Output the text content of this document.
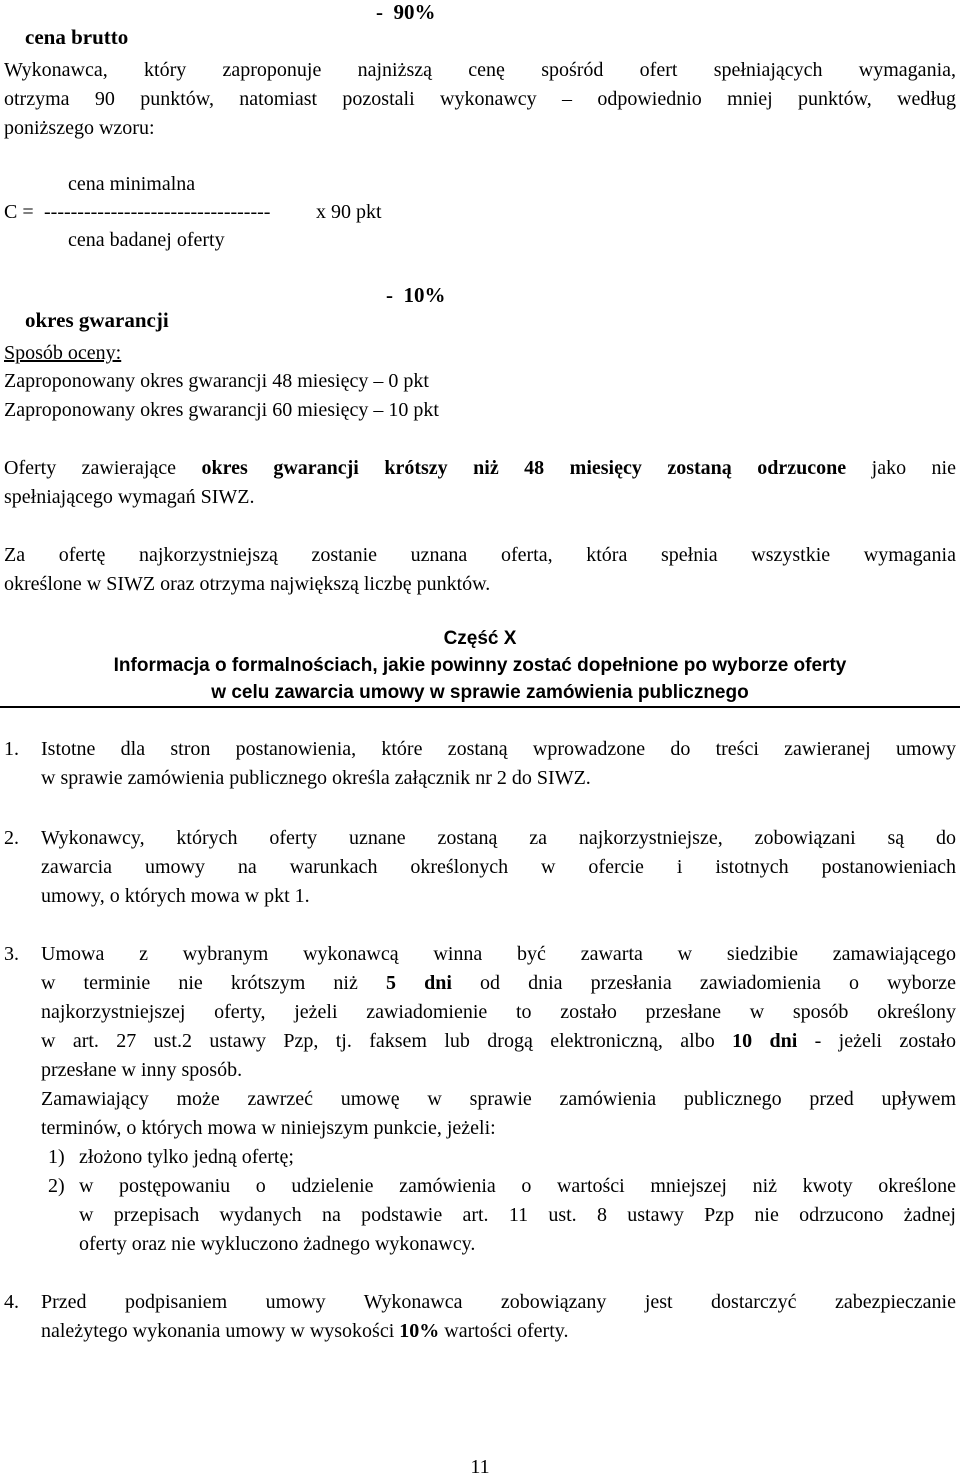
cena brutto

-  90%

Wykonawca, który zaproponuje najniższą cenę spośród ofert spełniających wymagania,
otrzyma 90 punktów, natomiast pozostali wykonawcy – odpowiednio mniej punktów, według
poniższego wzoru:
cena minimalna
C = ---------------------------------- x 90 pkt
cena badanej oferty

okres gwarancji

-  10%

Sposób oceny:
Zaproponowany okres gwarancji 48 miesięcy – 0 pkt
Zaproponowany okres gwarancji 60 miesięcy – 10 pkt
Oferty zawierające okres gwarancji krótszy niż 48 miesięcy zostaną odrzucone jako nie
spełniającego wymagań SIWZ.
Za ofertę najkorzystniejszą zostanie uznana oferta, która spełnia wszystkie wymagania
określone w SIWZ oraz otrzyma największą liczbę punktów.
Część X
Informacja o formalnościach, jakie powinny zostać dopełnione po wyborze oferty
w celu zawarcia umowy w sprawie zamówienia publicznego
1. Istotne dla stron postanowienia, które zostaną wprowadzone do treści zawieranej umowy
w sprawie zamówienia publicznego określa załącznik nr 2 do SIWZ.
2. Wykonawcy, których oferty uznane zostaną za najkorzystniejsze, zobowiązani są do
zawarcia umowy na warunkach określonych w ofercie i istotnych postanowieniach
umowy, o których mowa w pkt 1.
3. Umowa z wybranym wykonawcą winna być zawarta w siedzibie zamawiającego
w terminie nie krótszym niż 5 dni od dnia przesłania zawiadomienia o wyborze
najkorzystniejszej oferty, jeżeli zawiadomienie to zostało przesłane w sposób określony
w art. 27 ust.2 ustawy Pzp, tj. faksem lub drogą elektroniczną, albo 10 dni - jeżeli zostało
przesłane w inny sposób.
Zamawiający może zawrzeć umowę w sprawie zamówienia publicznego przed upływem
terminów, o których mowa w niniejszym punkcie, jeżeli:
1) złożono tylko jedną ofertę;
2) w postępowaniu o udzielenie zamówienia o wartości mniejszej niż kwoty określone
w przepisach wydanych na podstawie art. 11 ust. 8 ustawy Pzp nie odrzucono żadnej
oferty oraz nie wykluczono żadnego wykonawcy.
4. Przed podpisaniem umowy Wykonawca zobowiązany jest dostarczyć zabezpieczanie
należytego wykonania umowy w wysokości 10% wartości oferty.
11
